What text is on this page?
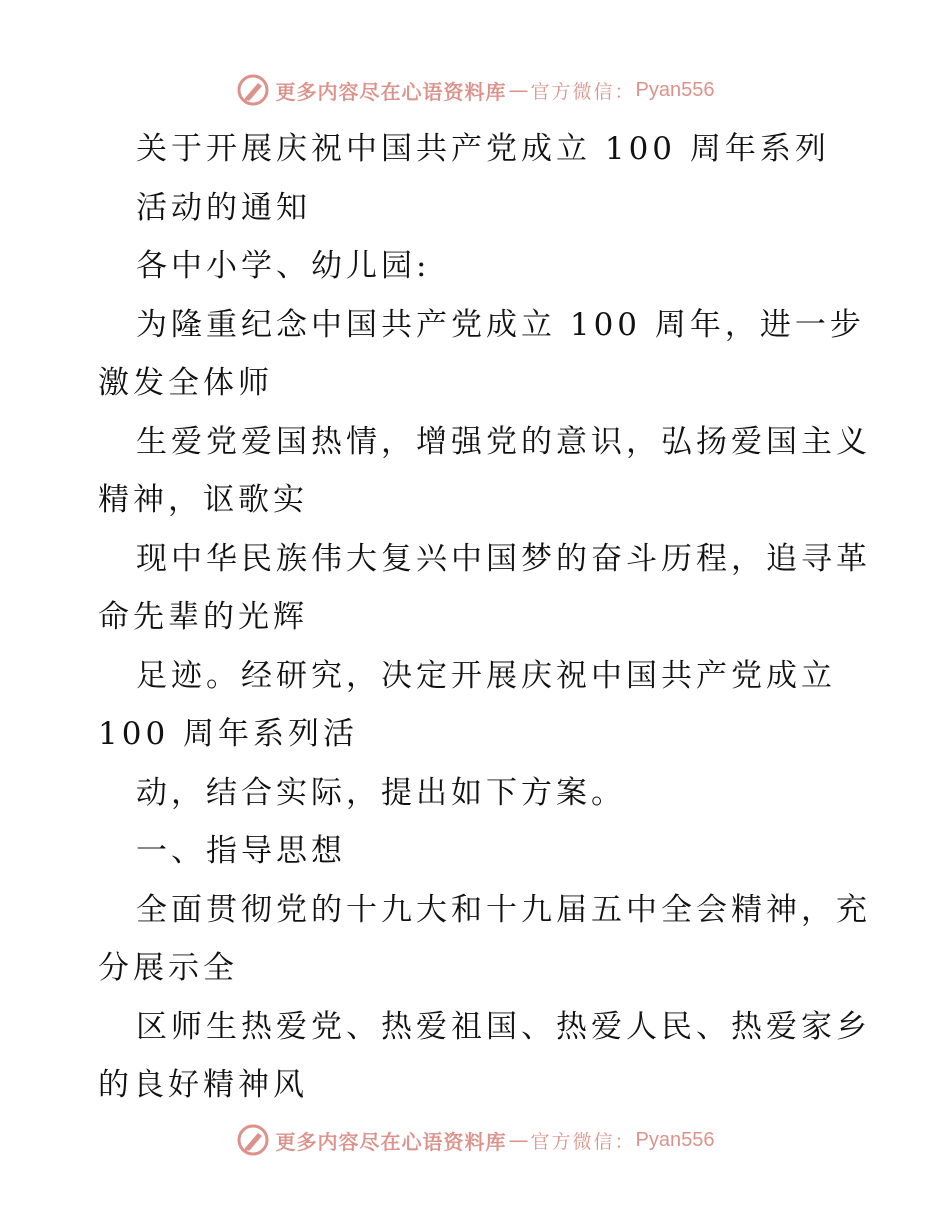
更多内容尽在心语资料库 — 官方微信： Pyan556

关于开展庆祝中国共产党成立 100 周年系列

活动的通知

各中小学、幼儿园:

为隆重纪念中国共产党成立 100 周年，进一步

激发全体师

生爱党爱国热情，增强党的意识，弘扬爱国主义

精神，讴歌实

现中华民族伟大复兴中国梦的奋斗历程，追寻革

命先辈的光辉

足迹。经研究，决定开展庆祝中国共产党成立

100 周年系列活

动，结合实际，提出如下方案。

一、指导思想

全面贯彻党的十九大和十九届五中全会精神，充

分展示全

区师生热爱党、热爱祖国、热爱人民、热爱家乡

的良好精神风

更多内容尽在心语资料库 — 官方微信： Pyan556
